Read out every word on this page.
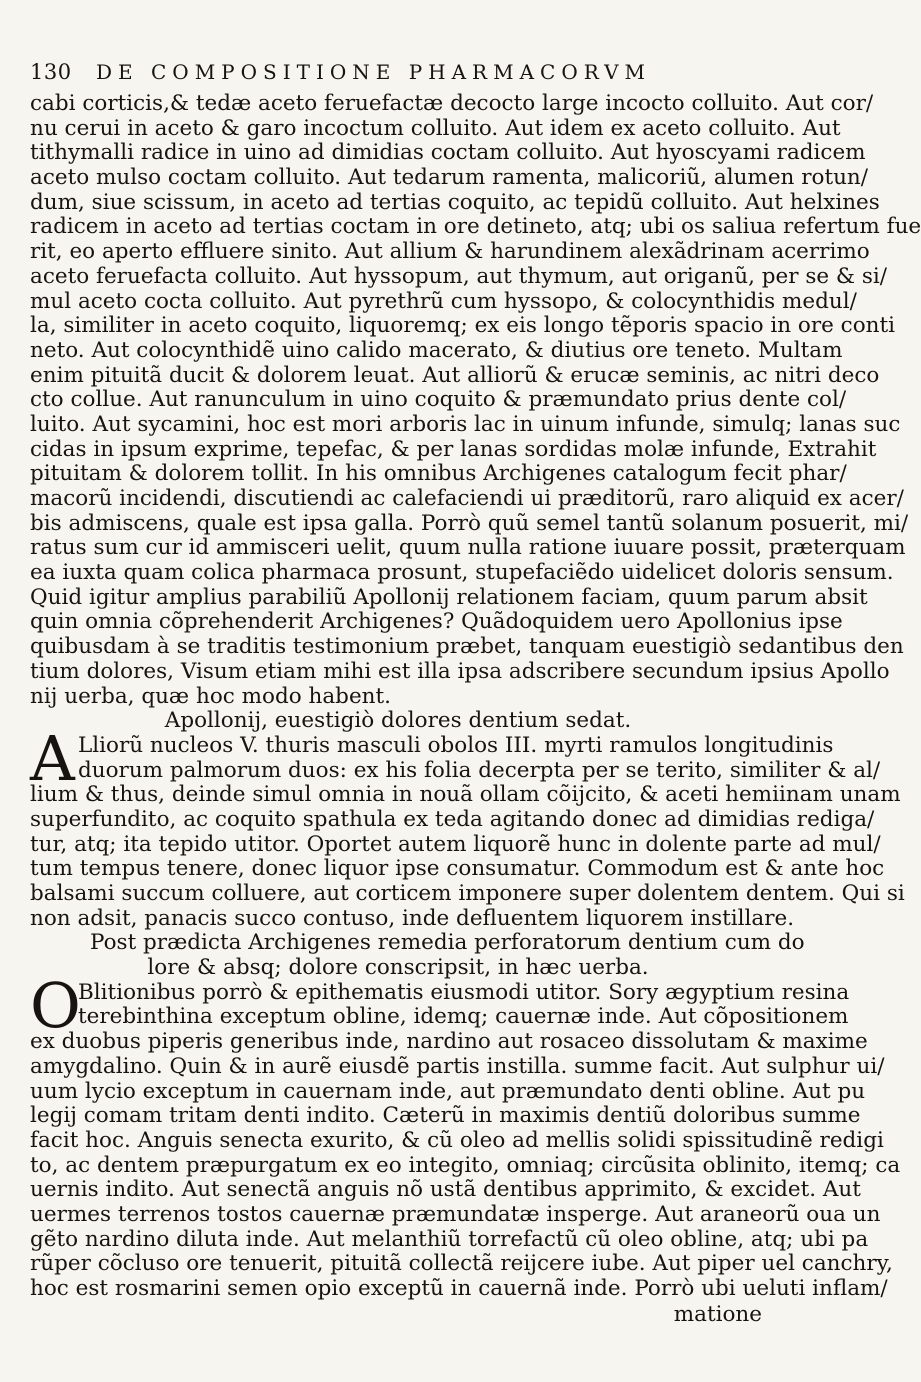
130	DE COMPOSITIONE PHARMACORVM
cabi corticis,& tedæ aceto feruefactæ decocto large incocto colluito. Aut cor/
nu cerui in aceto & garo incoctum colluito. Aut idem ex aceto colluito. Aut
tithymalli radice in uino ad dimidias coctam colluito. Aut hyoscyami radicem
aceto mulso coctam colluito. Aut tedarum ramenta, malicoriũ, alumen rotun/
dum, siue scissum, in aceto ad tertias coquito, ac tepidũ colluito. Aut helxines
radicem in aceto ad tertias coctam in ore detineto, atq; ubi os saliua refertum fue
rit, eo aperto effluere sinito. Aut allium & harundinem alexãdrinam acerrimo
aceto feruefacta colluito. Aut hyssopum, aut thymum, aut origanũ, per se & si/
mul aceto cocta colluito. Aut pyrethrũ cum hyssopo, & colocynthidis medul/
la, similiter in aceto coquito, liquoremq; ex eis longo tẽporis spacio in ore conti
neto. Aut colocynthidẽ uino calido macerato, & diutius ore teneto. Multam
enim pituitã ducit & dolorem leuat. Aut alliorũ & erucæ seminis, ac nitri deco
cto collue. Aut ranunculum in uino coquito & præmundato prius dente col/
luito. Aut sycamini, hoc est mori arboris lac in uinum infunde, simulq; lanas suc
cidas in ipsum exprime, tepefac, & per lanas sordidas molæ infunde, Extrahit
pituitam & dolorem tollit. In his omnibus Archigenes catalogum fecit phar/
macorũ incidendi, discutiendi ac calefaciendi ui præditorũ, raro aliquid ex acer/
bis admiscens, quale est ipsa galla. Porrò quũ semel tantũ solanum posuerit, mi/
ratus sum cur id ammisceri uelit, quum nulla ratione iuuare possit, præterquam
ea iuxta quam colica pharmaca prosunt, stupefaciẽdo uidelicet doloris sensum.
Quid igitur amplius parabiliũ Apollonij relationem faciam, quum parum absit
quin omnia cõprehenderit Archigenes? Quãdoquidem uero Apollonius ipse
quibusdam à se traditis testimonium præbet, tanquam euestigiò sedantibus den
tium dolores, Visum etiam mihi est illa ipsa adscribere secundum ipsius Apollo
nij uerba, quæ hoc modo habent.
Apollonij, euestigiò dolores dentium sedat.
A Lliorũ nucleos V. thuris masculi obolos III. myrti ramulos longitudinis
duorum palmorum duos: ex his folia decerpta per se terito, similiter & al/
lium & thus, deinde simul omnia in nouã ollam cõijcito, & aceti hemiinam unam
superfundito, ac coquito spathula ex teda agitando donec ad dimidias rediga/
tur, atq; ita tepido utitor. Oportet autem liquorẽ hunc in dolente parte ad mul/
tum tempus tenere, donec liquor ipse consumatur. Commodum est & ante hoc
balsami succum colluere, aut corticem imponere super dolentem dentem. Qui si
non adsit, panacis succo contuso, inde defluentem liquorem instillare.
Post prædicta Archigenes remedia perforatorum dentium cum do
lore & absq; dolore conscripsit, in hæc uerba.
O
Blitionibus porrò & epithematis eiusmodi utitor. Sory ægyptium resina
terebinthina exceptum obline, idemq; cauernæ inde. Aut cõpositionem
ex duobus piperis generibus inde, nardino aut rosaceo dissolutam & maxime
amygdalino. Quin & in aurẽ eiusdẽ partis instilla. summe facit. Aut sulphur ui/
uum lycio exceptum in cauernam inde, aut præmundato denti obline. Aut pu
legij comam tritam denti indito. Cæterũ in maximis dentiũ doloribus summe
facit hoc. Anguis senecta exurito, & cũ oleo ad mellis solidi spissitudinẽ redigi
to, ac dentem præpurgatum ex eo integito, omniaq; circũsita oblinito, itemq; ca
uernis indito. Aut senectã anguis nõ ustã dentibus apprimito, & excidet. Aut
uermes terrenos tostos cauernæ præmundatæ insperge. Aut araneorũ oua un
gẽto nardino diluta inde. Aut melanthiũ torrefactũ cũ oleo obline, atq; ubi pa
rũper cõcluso ore tenuerit, pituitã collectã reijcere iube. Aut piper uel canchry,
hoc est rosmarini semen opio exceptũ in cauernã inde. Porrò ubi ueluti inflam/
matione
